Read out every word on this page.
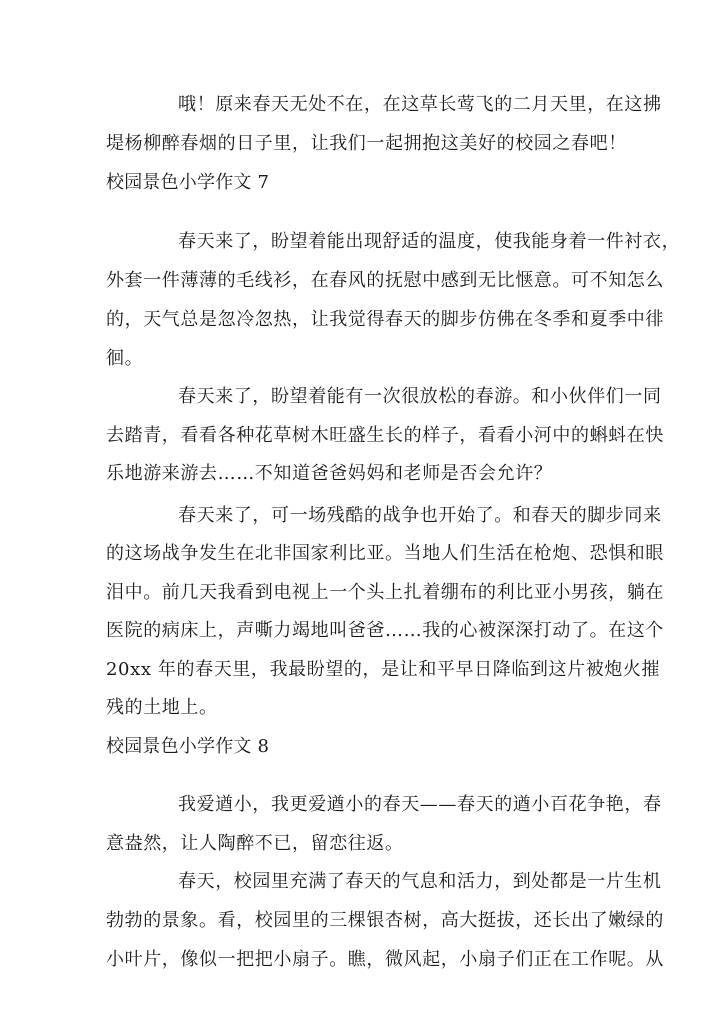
哦！原来春天无处不在，在这草长莺飞的二月天里，在这拂
堤杨柳醉春烟的日子里，让我们一起拥抱这美好的校园之春吧！
校园景色小学作文 7
春天来了，盼望着能出现舒适的温度，使我能身着一件衬衣，
外套一件薄薄的毛线衫，在春风的抚慰中感到无比惬意。可不知怎么
的，天气总是忽冷忽热，让我觉得春天的脚步仿佛在冬季和夏季中徘
徊。
春天来了，盼望着能有一次很放松的春游。和小伙伴们一同
去踏青，看看各种花草树木旺盛生长的样子，看看小河中的蝌蚪在快
乐地游来游去……不知道爸爸妈妈和老师是否会允许？
春天来了，可一场残酷的战争也开始了。和春天的脚步同来
的这场战争发生在北非国家利比亚。当地人们生活在枪炮、恐惧和眼
泪中。前几天我看到电视上一个头上扎着绷布的利比亚小男孩，躺在
医院的病床上，声嘶力竭地叫爸爸……我的心被深深打动了。在这个
20xx 年的春天里，我最盼望的，是让和平早日降临到这片被炮火摧
残的土地上。
校园景色小学作文 8
我爱遒小，我更爱遒小的春天——春天的遒小百花争艳，春
意盎然，让人陶醉不已，留恋往返。
春天，校园里充满了春天的气息和活力，到处都是一片生机
勃勃的景象。看，校园里的三棵银杏树，高大挺拔，还长出了嫩绿的
小叶片，像似一把把小扇子。瞧，微风起，小扇子们正在工作呢。从
